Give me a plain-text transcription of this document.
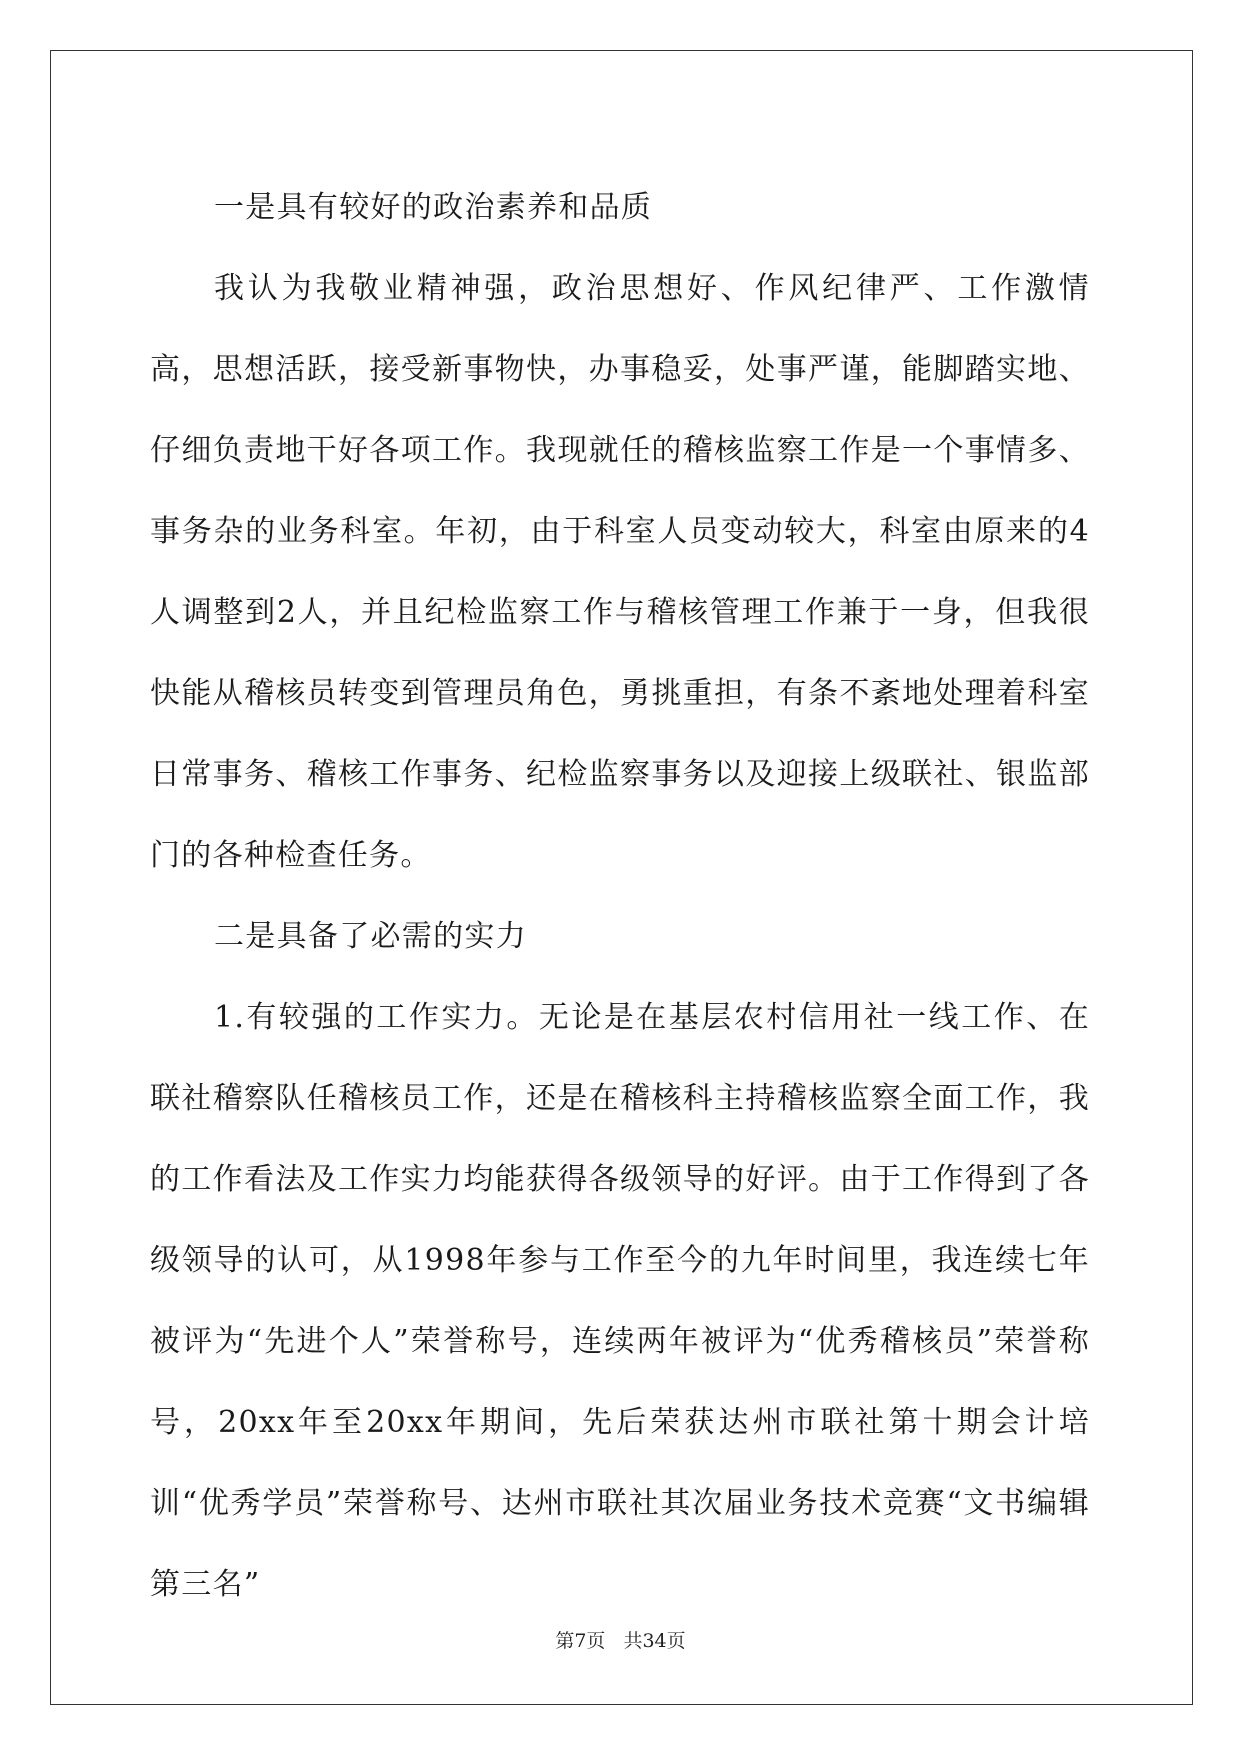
一是具有较好的政治素养和品质

我认为我敬业精神强，政治思想好、作风纪律严、工作激情高，思想活跃，接受新事物快，办事稳妥，处事严谨，能脚踏实地、仔细负责地干好各项工作。我现就任的稽核监察工作是一个事情多、事务杂的业务科室。年初，由于科室人员变动较大，科室由原来的4人调整到2人，并且纪检监察工作与稽核管理工作兼于一身，但我很快能从稽核员转变到管理员角色，勇挑重担，有条不紊地处理着科室日常事务、稽核工作事务、纪检监察事务以及迎接上级联社、银监部门的各种检查任务。

二是具备了必需的实力

1.有较强的工作实力。无论是在基层农村信用社一线工作、在联社稽察队任稽核员工作，还是在稽核科主持稽核监察全面工作，我的工作看法及工作实力均能获得各级领导的好评。由于工作得到了各级领导的认可，从1998年参与工作至今的九年时间里，我连续七年被评为“先进个人”荣誉称号，连续两年被评为“优秀稽核员”荣誉称号，20xx年至20xx年期间，先后荣获达州市联社第十期会计培训“优秀学员”荣誉称号、达州市联社其次届业务技术竞赛“文书编辑第三名”

第7页 共34页
